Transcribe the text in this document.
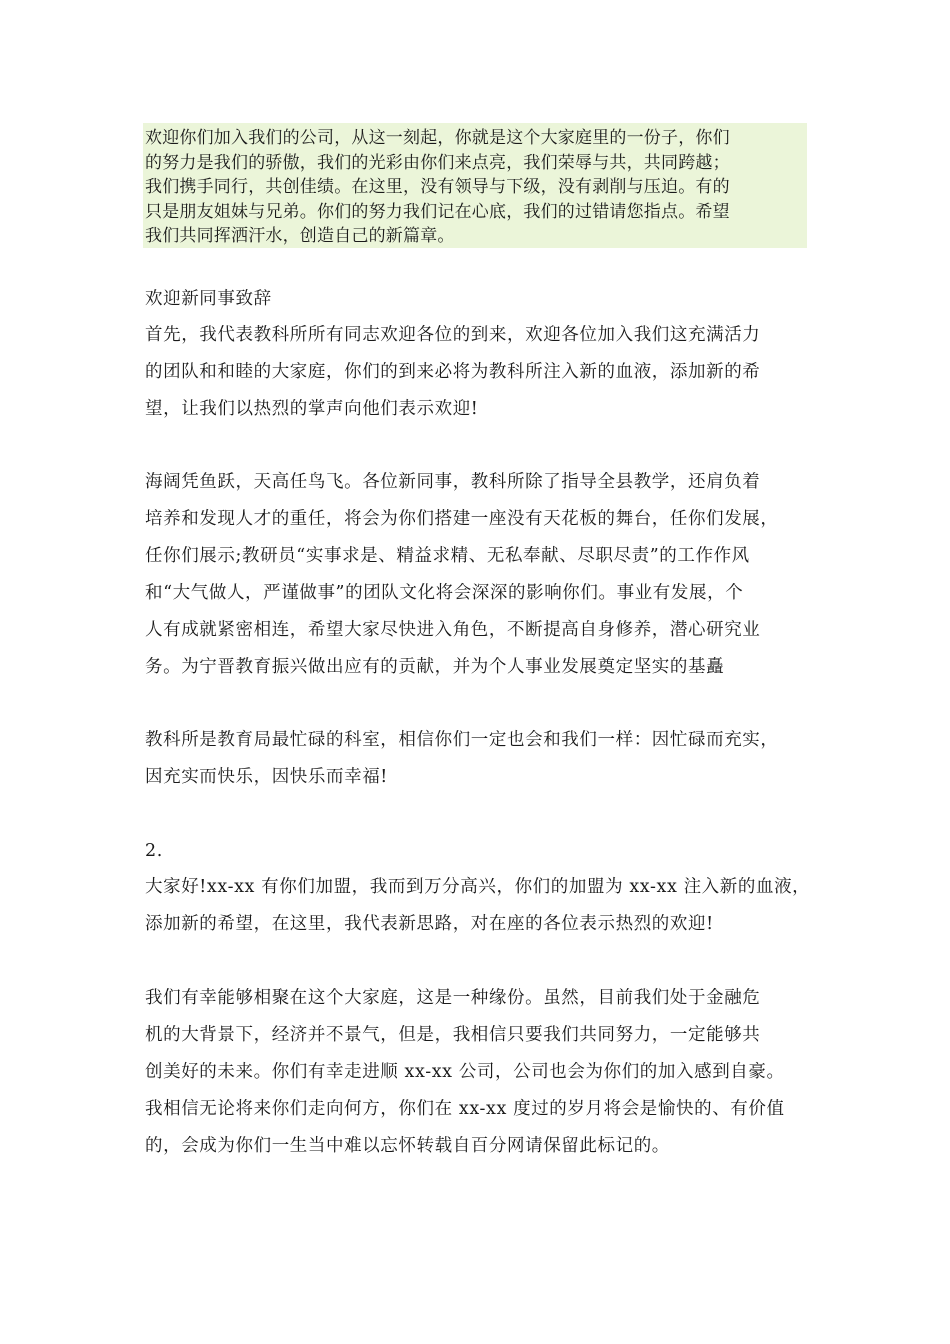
欢迎你们加入我们的公司，从这一刻起，你就是这个大家庭里的一份子，你们
的努力是我们的骄傲，我们的光彩由你们来点亮，我们荣辱与共，共同跨越；
我们携手同行，共创佳绩。在这里，没有领导与下级，没有剥削与压迫。有的
只是朋友姐妹与兄弟。你们的努力我们记在心底，我们的过错请您指点。希望
我们共同挥洒汗水，创造自己的新篇章。
欢迎新同事致辞
首先，我代表教科所所有同志欢迎各位的到来，欢迎各位加入我们这充满活力
的团队和和睦的大家庭，你们的到来必将为教科所注入新的血液，添加新的希
望，让我们以热烈的掌声向他们表示欢迎!
海阔凭鱼跃，天高任鸟飞。各位新同事，教科所除了指导全县教学，还肩负着
培养和发现人才的重任，将会为你们搭建一座没有天花板的舞台，任你们发展，
任你们展示;教研员“实事求是、精益求精、无私奉献、尽职尽责”的工作作风
和“大气做人，严谨做事”的团队文化将会深深的影响你们。事业有发展，个
人有成就紧密相连，希望大家尽快进入角色，不断提高自身修养，潜心研究业
务。为宁晋教育振兴做出应有的贡献，并为个人事业发展奠定坚实的基矗
教科所是教育局最忙碌的科室，相信你们一定也会和我们一样：因忙碌而充实，
因充实而快乐，因快乐而幸福!
2.
大家好!xx-xx 有你们加盟，我而到万分高兴，你们的加盟为 xx-xx 注入新的血液，
添加新的希望，在这里，我代表新思路，对在座的各位表示热烈的欢迎!
我们有幸能够相聚在这个大家庭，这是一种缘份。虽然，目前我们处于金融危
机的大背景下，经济并不景气，但是，我相信只要我们共同努力，一定能够共
创美好的未来。你们有幸走进顺 xx-xx 公司，公司也会为你们的加入感到自豪。
我相信无论将来你们走向何方，你们在 xx-xx 度过的岁月将会是愉快的、有价值
的，会成为你们一生当中难以忘怀转载自百分网请保留此标记的。
